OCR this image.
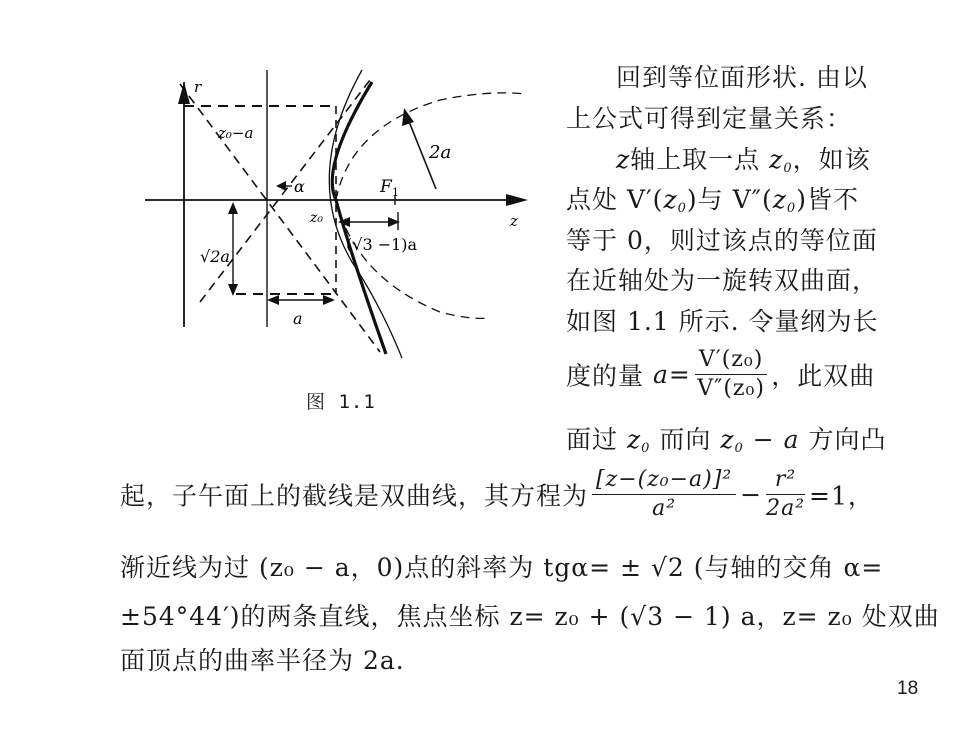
r
z
z₀−a
2a
α	F 1
z₀
(√3 −1)a
√2a
a
图 1.1
回到等位面形状. 由以
上公式可得到定量关系：
z轴上取一点 $z_0$，如该
点处 $V'(z_0)$与 $V''(z_0)$皆不
等于 0，则过该点的等位面
在近轴处为一旋转双曲面，
如图 1.1 所示. 令量纲为长
度的量 $a= \frac{\text{V′(z₀)}}{\text{V″(z₀)}}$ ，此双曲
面过 $z_0$ 而向 $z_0 - a$ 方向凸
起，子午面上的截线是双曲线，其方程为 $\frac{\text{[z−(z₀−a)]²}}{\text{a²}} - \frac{\text{r²}}{\text{2a²}} =1$，
渐近线为过 (z₀ − a，0)点的斜率为 tgα= ± √2 (与轴的交角 α=
±54°44′)的两条直线，焦点坐标 z= z₀ + (√3 − 1) a，z= z₀ 处双曲
面顶点的曲率半径为 2a.
18
